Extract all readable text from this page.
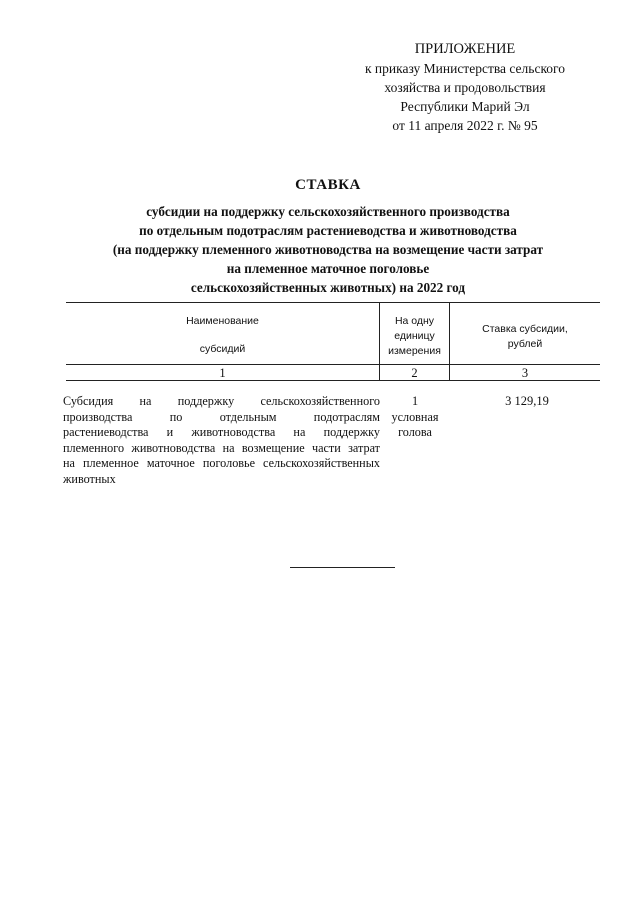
ПРИЛОЖЕНИЕ
к приказу Министерства сельского
хозяйства и продовольствия
Республики Марий Эл
от 11 апреля 2022 г. № 95
СТАВКА
субсидии на поддержку сельскохозяйственного производства
по отдельным подотраслям растениеводства и животноводства
(на поддержку племенного животноводства на возмещение части затрат
на племенное маточное поголовье
сельскохозяйственных животных) на 2022 год
Наименование
субсидий
На одну
единицу
измерения
Ставка субсидии,
рублей
1	2	3
Субсидия на поддержку сельскохозяйственного
производства по отдельным подотраслям
растениеводства и животноводства на поддержку
племенного животноводства на возмещение части затрат
на племенное маточное поголовье сельскохозяйственных
животных
1
условная
голова
3 129,19
